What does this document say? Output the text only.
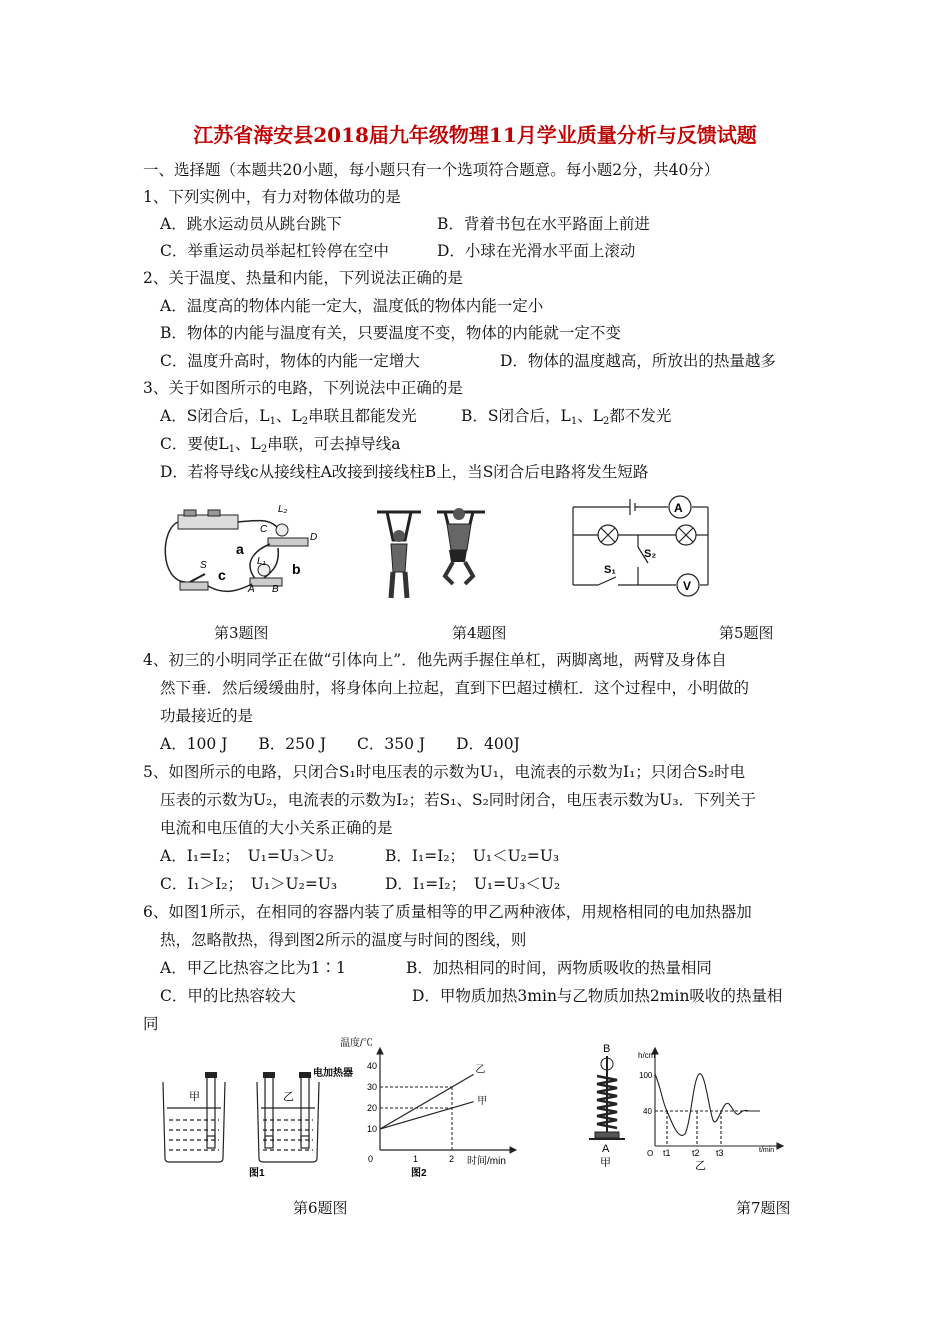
江苏省海安县2018届九年级物理11月学业质量分析与反馈试题
一、选择题（本题共20小题，每小题只有一个选项符合题意。每小题2分，共40分）
1、下列实例中，有力对物体做功的是
A．跳水运动员从跳台跳下	B．背着书包在水平路面上前进
C．举重运动员举起杠铃停在空中	D．小球在光滑水平面上滚动
2、关于温度、热量和内能，下列说法正确的是
A．温度高的物体内能一定大，温度低的物体内能一定小
B．物体的内能与温度有关，只要温度不变，物体的内能就一定不变
C．温度升高时，物体的内能一定增大	D．物体的温度越高，所放出的热量越多
3、关于如图所示的电路，下列说法中正确的是
A．S闭合后，$L_1$、$L_2$串联且都能发光	B．S闭合后，$L_1$、$L_2$都不发光
C．要使$L_1$、$L_2$串联，可去掉导线a
D．若将导线c从接线柱A改接到接线柱B上，当S闭合后电路将发生短路
L₂
C
D
a
L₁
S
c
A B
b
A
S₂
S₁
V
第3题图	第4题图	第5题图
4、初三的小明同学正在做“引体向上”．他先两手握住单杠，两脚离地，两臂及身体自
然下垂．然后缓缓曲肘，将身体向上拉起，直到下巴超过横杠．这个过程中，小明做的
功最接近的是
A．100 J　　B．250 J　　C．350 J　　D．400J
5、如图所示的电路，只闭合S₁时电压表的示数为U₁，电流表的示数为I₁；只闭合S₂时电
压表的示数为U₂，电流表的示数为I₂；若S₁、S₂同时闭合，电压表示数为U₃．下列关于
电流和电压值的大小关系正确的是
A．I₁=I₂；　U₁=U₃＞U₂	B．I₁=I₂；　U₁＜U₂=U₃
C．I₁＞I₂；　U₁＞U₂=U₃	D．I₁=I₂；　U₁=U₃＜U₂
6、如图1所示，在相同的容器内装了质量相等的甲乙两种液体，用规格相同的电加热器加
热，忽略散热，得到图2所示的温度与时间的图线，则
A．甲乙比热容之比为1∶1	B．加热相同的时间，两物质吸收的热量相同
C．甲的比热容较大	D．甲物质加热3min与乙物质加热2min吸收的热量相
同
甲	乙
电加热器
图1
温度/℃
时间/min
图2
40
30
20
10
0	1	2
乙
甲
B
A
甲
h/cm
100
40
O t1 t2 t3	t/min
乙
第6题图	第7题图
